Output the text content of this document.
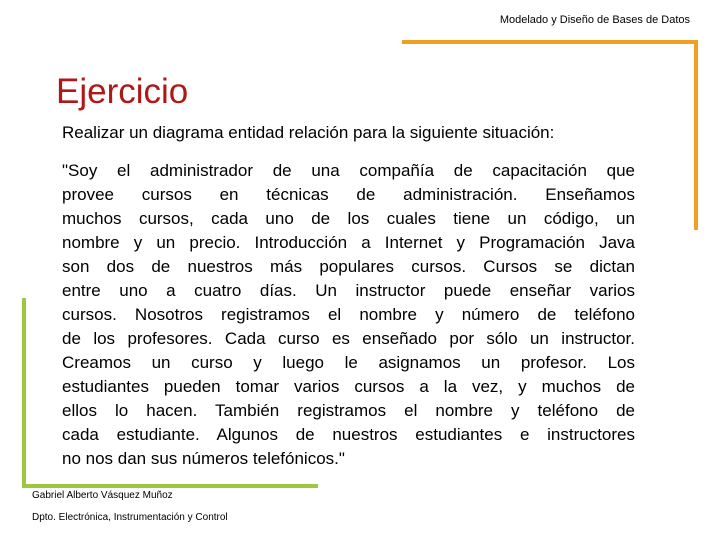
Modelado y Diseño de Bases de Datos
Ejercicio
Realizar un diagrama entidad relación para la siguiente situación:
"Soy el administrador de una compañía de capacitación que
provee cursos en técnicas de administración. Enseñamos
muchos cursos, cada uno de los cuales tiene un código, un
nombre y un precio. Introducción a Internet y Programación Java
son dos de nuestros más populares cursos. Cursos se dictan
entre uno a cuatro días. Un instructor puede enseñar varios
cursos. Nosotros registramos el nombre y número de teléfono
de los profesores. Cada curso es enseñado por sólo un instructor.
Creamos un curso y luego le asignamos un profesor. Los
estudiantes pueden tomar varios cursos a la vez, y muchos de
ellos lo hacen. También registramos el nombre y teléfono de
cada estudiante. Algunos de nuestros estudiantes e instructores
no nos dan sus números telefónicos."
Gabriel Alberto Vásquez Muñoz
Dpto. Electrónica, Instrumentación y Control
